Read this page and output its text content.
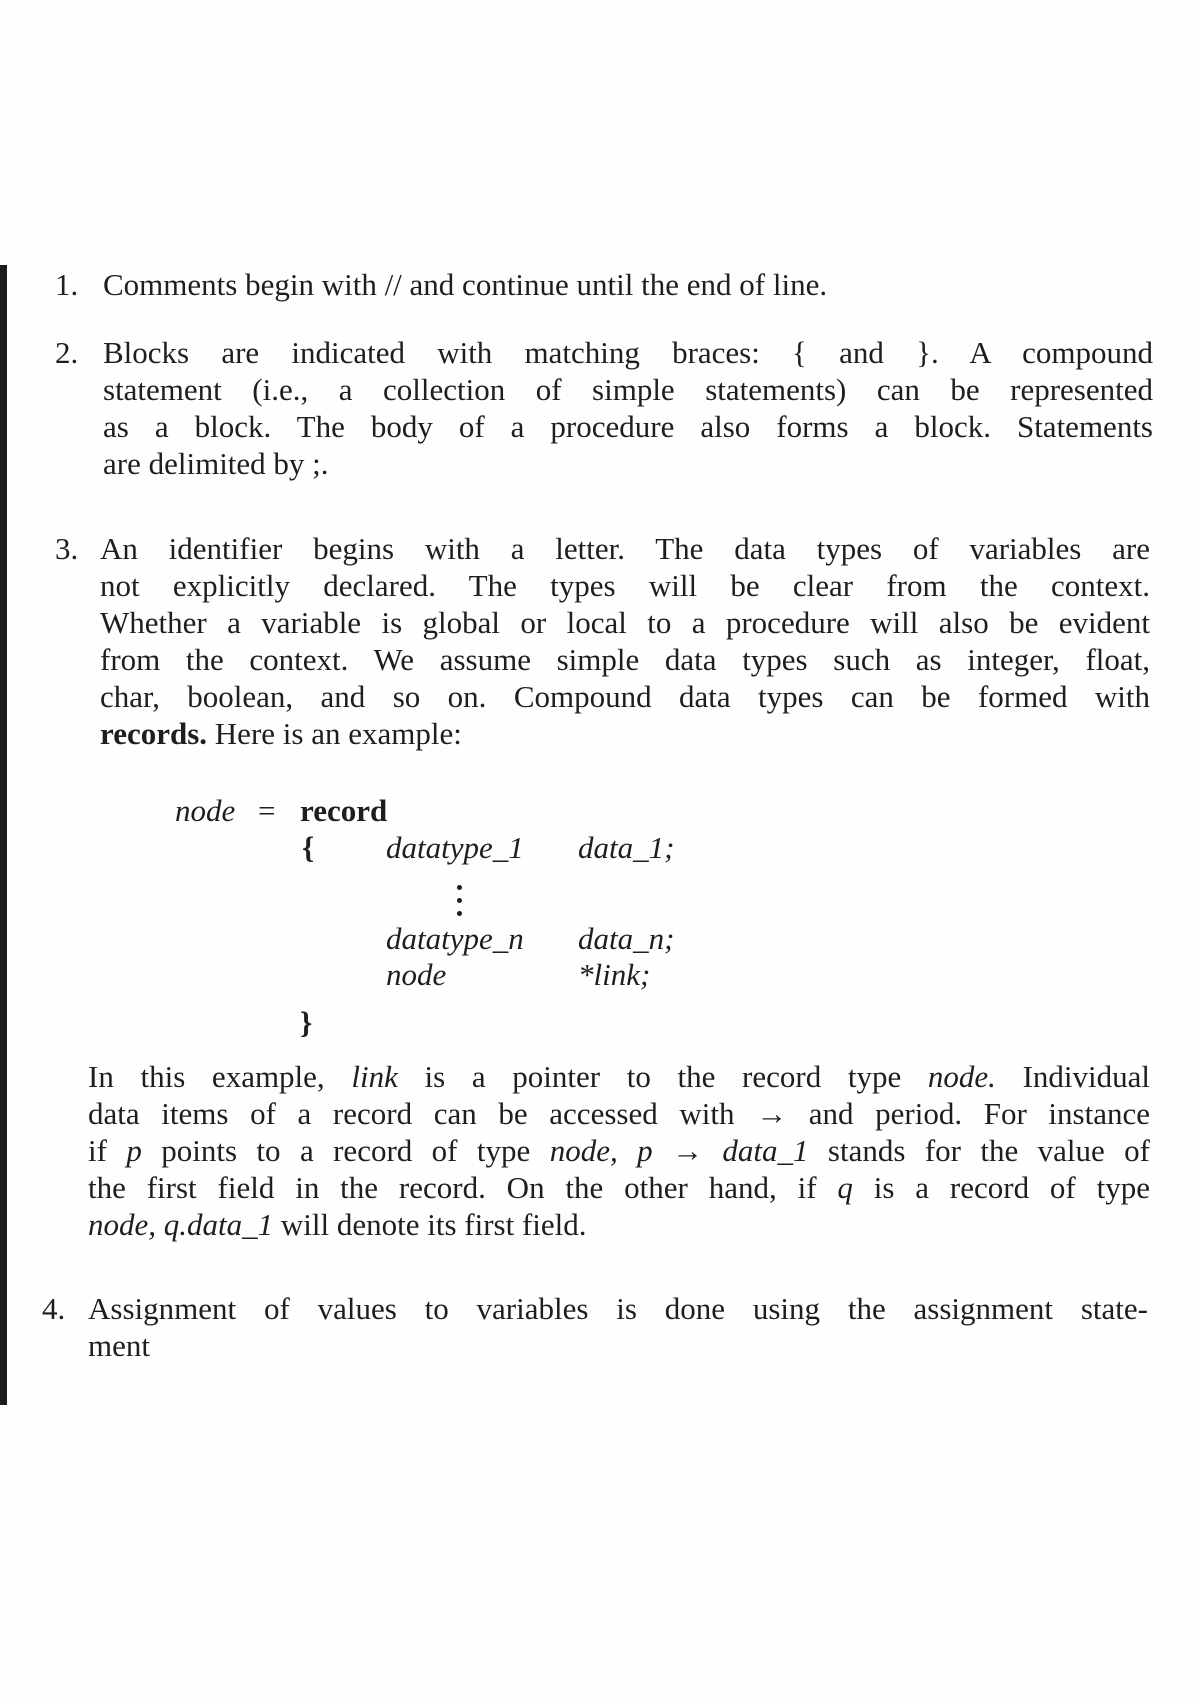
1. Comments begin with // and continue until the end of line.
2. Blocks are indicated with matching braces: { and }. A compound
statement (i.e., a collection of simple statements) can be represented
as a block. The body of a procedure also forms a block. Statements
are delimited by ;.
3. An identifier begins with a letter. The data types of variables are
not explicitly declared. The types will be clear from the context.
Whether a variable is global or local to a procedure will also be evident
from the context. We assume simple data types such as integer, float,
char, boolean, and so on. Compound data types can be formed with
records. Here is an example:
node = record
{ datatype_1 data_1;
datatype_n data_n;
node	*link;
}
In this example, link is a pointer to the record type node. Individual
data items of a record can be accessed with → and period. For instance
if p points to a record of type node, p → data_1 stands for the value of
the first field in the record. On the other hand, if q is a record of type
node, q.data_1 will denote its first field.
4. Assignment of values to variables is done using the assignment state-
ment
